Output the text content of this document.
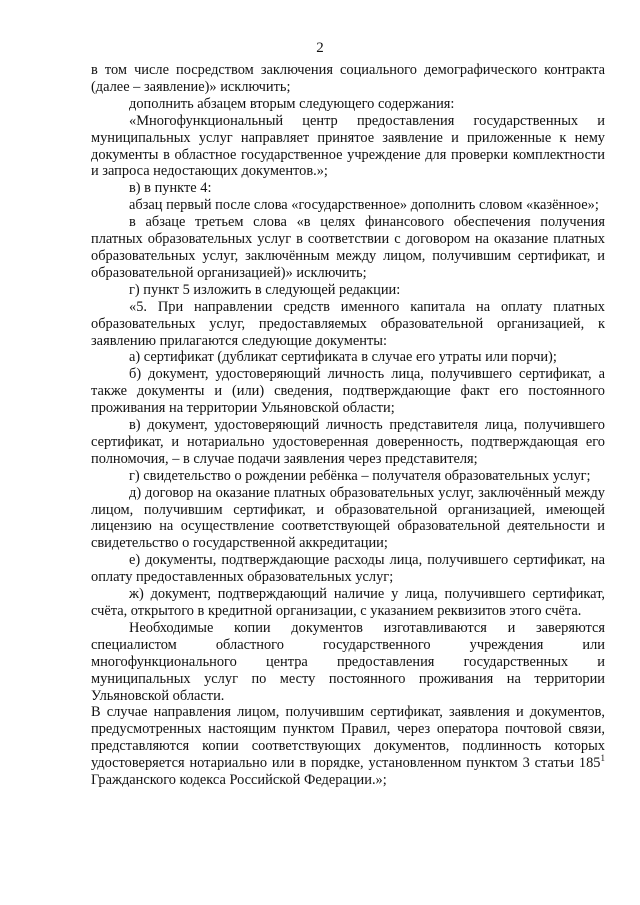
2

в том числе посредством заключения социального демографического контракта (далее – заявление)» исключить;

дополнить абзацем вторым следующего содержания:

«Многофункциональный центр предоставления государственных и муниципальных услуг направляет принятое заявление и приложенные к нему документы в областное государственное учреждение для проверки комплектности и запроса недостающих документов.»;

в) в пункте 4:

абзац первый после слова «государственное» дополнить словом «казённое»;

в абзаце третьем слова «в целях финансового обеспечения получения платных образовательных услуг в соответствии с договором на оказание платных образовательных услуг, заключённым между лицом, получившим сертификат, и образовательной организацией)» исключить;

г) пункт 5 изложить в следующей редакции:

«5. При направлении средств именного капитала на оплату платных образовательных услуг, предоставляемых образовательной организацией, к заявлению прилагаются следующие документы:

а) сертификат (дубликат сертификата в случае его утраты или порчи);

б) документ, удостоверяющий личность лица, получившего сертификат, а также документы и (или) сведения, подтверждающие факт его постоянного проживания на территории Ульяновской области;

в) документ, удостоверяющий личность представителя лица, получившего сертификат, и нотариально удостоверенная доверенность, подтверждающая его полномочия, – в случае подачи заявления через представителя;

г) свидетельство о рождении ребёнка – получателя образовательных услуг;

д) договор на оказание платных образовательных услуг, заключённый между лицом, получившим сертификат, и образовательной организацией, имеющей лицензию на осуществление соответствующей образовательной деятельности и свидетельство о государственной аккредитации;

е) документы, подтверждающие расходы лица, получившего сертификат, на оплату предоставленных образовательных услуг;

ж) документ, подтверждающий наличие у лица, получившего сертификат, счёта, открытого в кредитной организации, с указанием реквизитов этого счёта.

Необходимые копии документов изготавливаются и заверяются специалистом областного государственного учреждения или многофункционального центра предоставления государственных и муниципальных услуг по месту постоянного проживания на территории Ульяновской области.

В случае направления лицом, получившим сертификат, заявления и документов, предусмотренных настоящим пунктом Правил, через оператора почтовой связи, представляются копии соответствующих документов, подлинность которых удостоверяется нотариально или в порядке, установленном пунктом 3 статьи $185^1$ Гражданского кодекса Российской Федерации.»;
